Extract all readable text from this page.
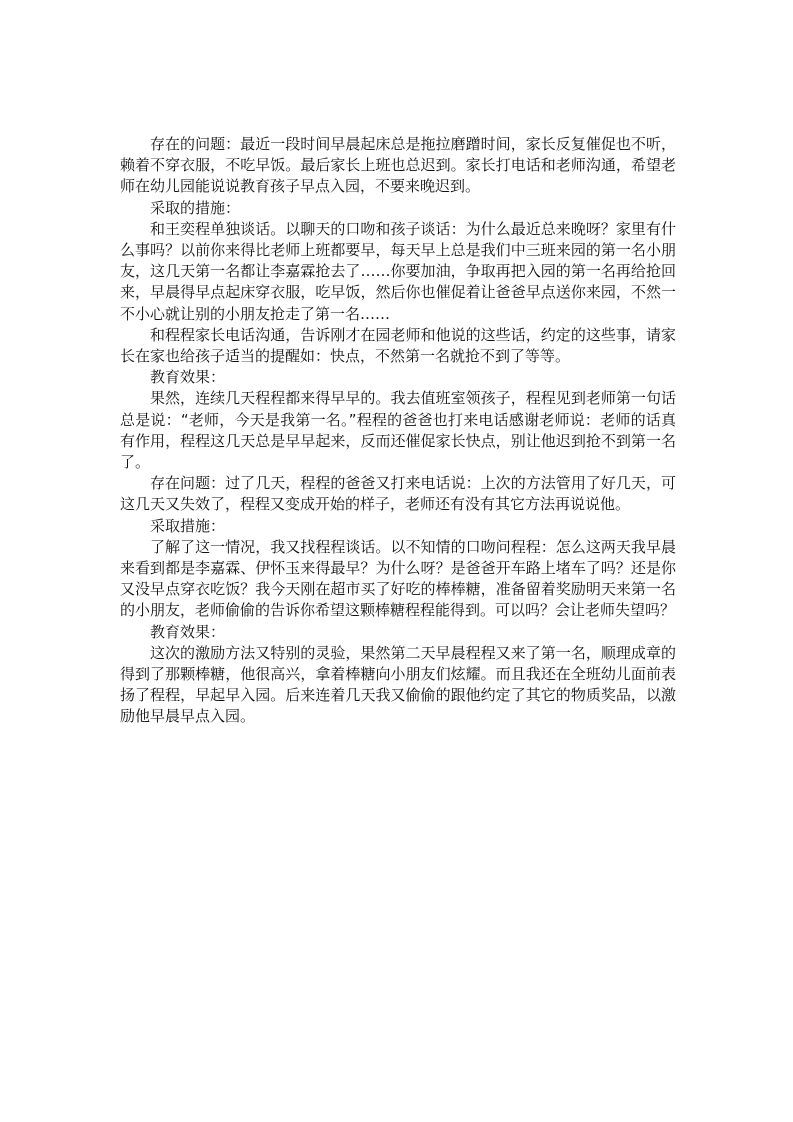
存在的问题：最近一段时间早晨起床总是拖拉磨蹭时间，家长反复催促也不听，赖着不穿衣服，不吃早饭。最后家长上班也总迟到。家长打电话和老师沟通，希望老师在幼儿园能说说教育孩子早点入园，不要来晚迟到。

采取的措施：

和王奕程单独谈话。以聊天的口吻和孩子谈话：为什么最近总来晚呀？家里有什么事吗？以前你来得比老师上班都要早，每天早上总是我们中三班来园的第一名小朋友，这几天第一名都让李嘉霖抢去了……你要加油，争取再把入园的第一名再给抢回来，早晨得早点起床穿衣服，吃早饭，然后你也催促着让爸爸早点送你来园，不然一不小心就让别的小朋友抢走了第一名……

和程程家长电话沟通，告诉刚才在园老师和他说的这些话，约定的这些事，请家长在家也给孩子适当的提醒如：快点，不然第一名就抢不到了等等。

教育效果：

果然，连续几天程程都来得早早的。我去值班室领孩子，程程见到老师第一句话总是说：“老师，今天是我第一名。”程程的爸爸也打来电话感谢老师说：老师的话真有作用，程程这几天总是早早起来，反而还催促家长快点，别让他迟到抢不到第一名了。

存在问题：过了几天，程程的爸爸又打来电话说：上次的方法管用了好几天，可这几天又失效了，程程又变成开始的样子，老师还有没有其它方法再说说他。

采取措施：

了解了这一情况，我又找程程谈话。以不知情的口吻问程程：怎么这两天我早晨来看到都是李嘉霖、伊怀玉来得最早？为什么呀？是爸爸开车路上堵车了吗？还是你又没早点穿衣吃饭？我今天刚在超市买了好吃的棒棒糖，准备留着奖励明天来第一名的小朋友，老师偷偷的告诉你希望这颗棒糖程程能得到。可以吗？会让老师失望吗？

教育效果：

这次的激励方法又特别的灵验，果然第二天早晨程程又来了第一名，顺理成章的得到了那颗棒糖，他很高兴，拿着棒糖向小朋友们炫耀。而且我还在全班幼儿面前表扬了程程，早起早入园。后来连着几天我又偷偷的跟他约定了其它的物质奖品，以激励他早晨早点入园。
